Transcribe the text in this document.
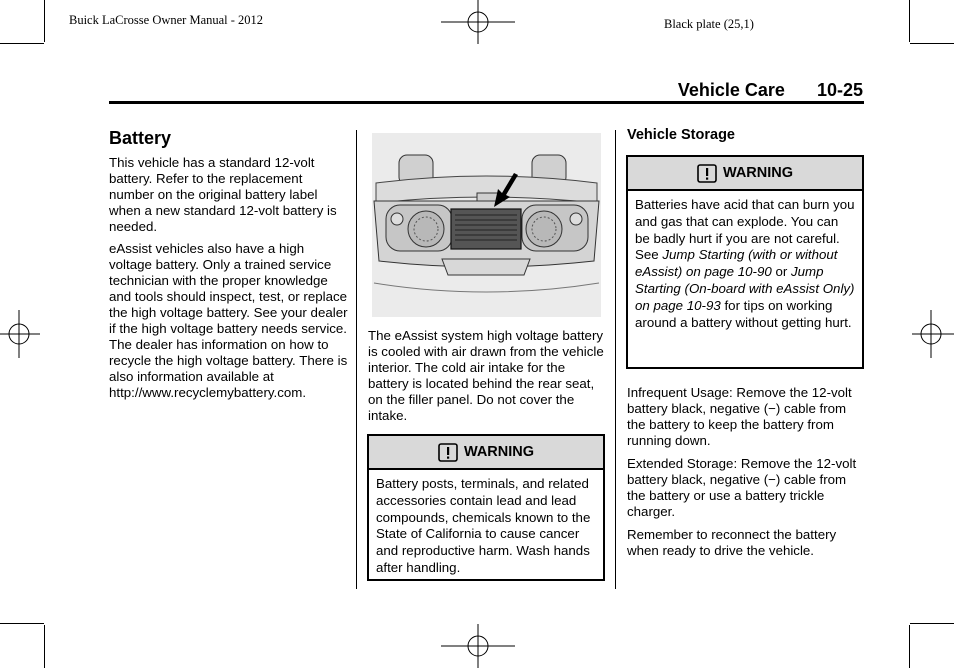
Buick LaCrosse Owner Manual - 2012	Black plate (25,1)
Vehicle Care 10-25
Battery

This vehicle has a standard 12-volt battery. Refer to the replacement number on the original battery label when a new standard 12-volt battery is needed.

eAssist vehicles also have a high voltage battery. Only a trained service technician with the proper knowledge and tools should inspect, test, or replace the high voltage battery. See your dealer if the high voltage battery needs service. The dealer has information on how to recycle the high voltage battery. There is also information available at http://www.recyclemybattery.com.

The eAssist system high voltage battery is cooled with air drawn from the vehicle interior. The cold air intake for the battery is located behind the rear seat, on the filler panel. Do not cover the intake.
WARNING
Battery posts, terminals, and related accessories contain lead and lead compounds, chemicals known to the State of California to cause cancer and reproductive harm. Wash hands after handling.
Vehicle Storage
WARNING
Batteries have acid that can burn you and gas that can explode. You can be badly hurt if you are not careful. See Jump Starting (with or without eAssist) on page 10-90 or Jump Starting (On-board with eAssist Only) on page 10-93 for tips on working around a battery without getting hurt.

Infrequent Usage: Remove the 12-volt battery black, negative (−) cable from the battery to keep the battery from running down.

Extended Storage: Remove the 12-volt battery black, negative (−) cable from the battery or use a battery trickle charger.

Remember to reconnect the battery when ready to drive the vehicle.
